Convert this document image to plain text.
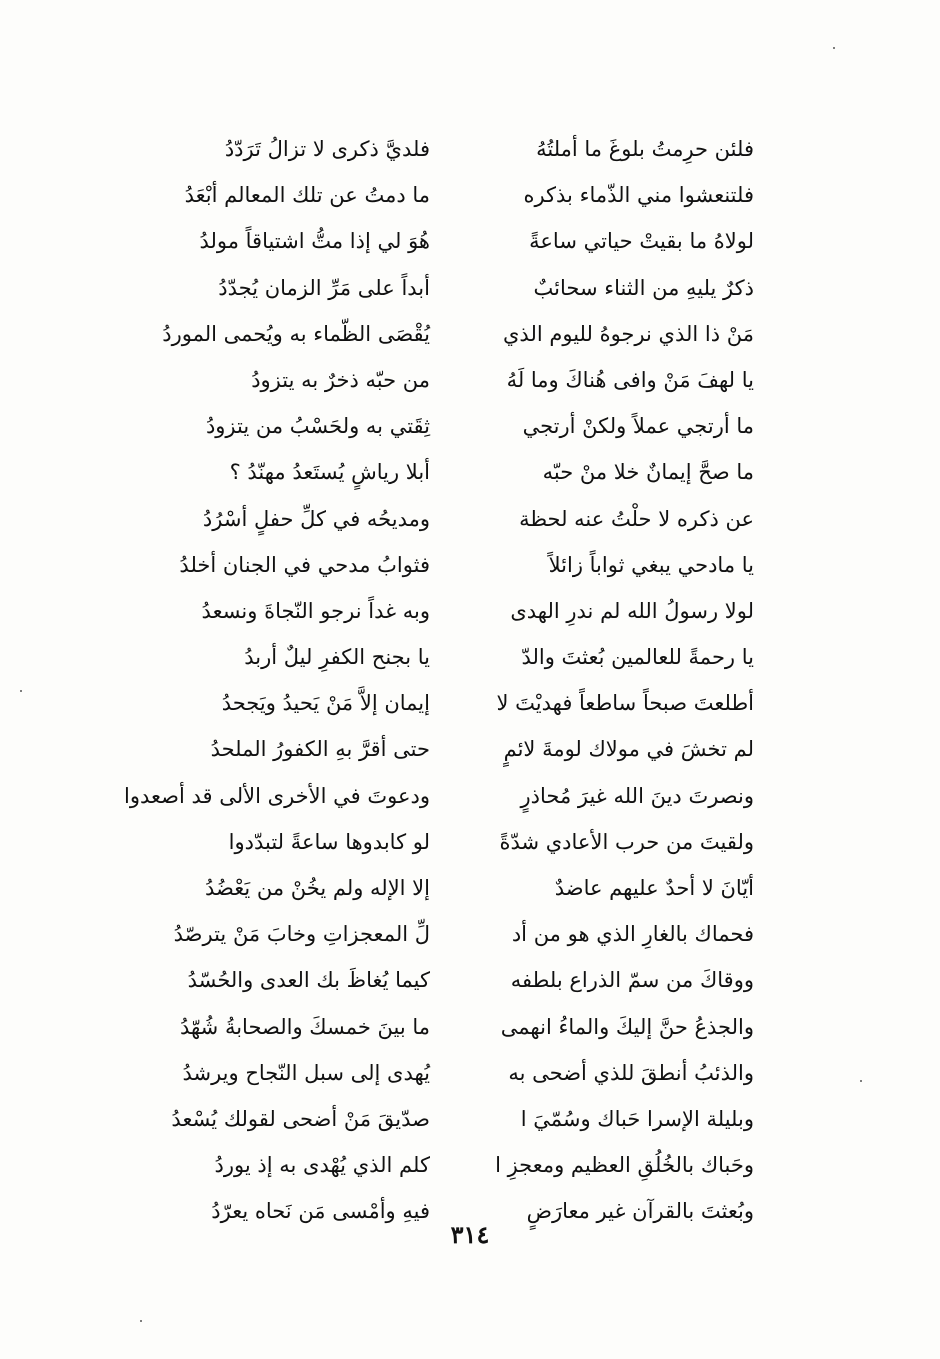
فلئن حرِمتُ بلوغَ ما أملتُهُ
فلتنعشوا مني الذّماء بذكره
لولاهُ ما بقيتْ حياتي ساعةً
ذكرٌ يليهِ من الثناء سحائبٌ
مَنْ ذا الذي نرجوهُ لليوم الذي
يا لهفَ مَنْ وافى هُناكَ وما لَهُ
ما أرتجي عملاً ولكنْ أرتجي
ما صحَّ إيمانٌ خلا منْ حبّه
عن ذكره لا حلْتُ عنه لحظة
يا مادحي يبغي ثواباً زائلاً
لولا رسولُ الله لم ندرِ الهدى
يا رحمةً للعالمين بُعثتَ والدّ
أطلعتَ صبحاً ساطعاً فهديْتَ لا
لم تخشَ في مولاك لومةَ لائمٍ
ونصرتَ دينَ الله غيرَ مُحاذرٍ
ولقيتَ من حرب الأعادي شدّةً
أيّانَ لا أحدٌ عليهم عاضدٌ
فحماك بالغارِ الذي هو من أد
ووقاكَ من سمّ الذراع بلطفه
والجذعُ حنَّ إليكَ والماءُ انهمى
والذئبُ أنطقَ للذي أضحى به
وبليلة الإسرا حَباك وسُمّيَ ا
وحَباك بالخُلُقِ العظيم ومعجزِ ا
وبُعثتَ بالقرآن غير معارَضٍ
فلديَّ ذكرى لا تزالُ تَرَدّدُ
ما دمتُ عن تلك المعالم أبْعَدُ
هُوَ لي إذا متُّ اشتياقاً مولدُ
أبداً على مَرِّ الزمان يُجدّدُ
يُقْصَى الظّماء به ويُحمى الموردُ
من حبّه ذخرٌ به يتزودُ
ثِقَتي به ولحَسْبُ من يتزودُ
أبلا رياشٍ يُستَعدُ مهنّدُ ؟
ومديحُه في كلِّ حفلٍ أسْرُدُ
فثوابُ مدحي في الجنان أخلدُ
وبه غداً نرجو النّجاةَ ونسعدُ
يا بجنح الكفرِ ليلٌ أربدُ
إيمان إلاَّ مَنْ يَحيدُ ويَجحدُ
حتى أقرَّ بهِ الكفورُ الملحدُ
ودعوتَ في الأخرى الألى قد أصعدوا
لو كابدوها ساعةً لتبدّدوا
إلا الإله ولم يخُنْ من يَعْضُدُ
لِّ المعجزاتِ وخابَ مَنْ يترصّدُ
كيما يُغاظَ بك العدى والحُسّدُ
ما بينَ خمسكَ والصحابةُ شُهّدُ
يُهدى إلى سبل النّجاح ويرشدُ
صدّيقَ مَنْ أضحى لقولك يُسْعدُ
كلم الذي يُهْدى به إذ يوردُ
فيهِ وأمْسى مَن نَحاه يعرّدُ
٣١٤
